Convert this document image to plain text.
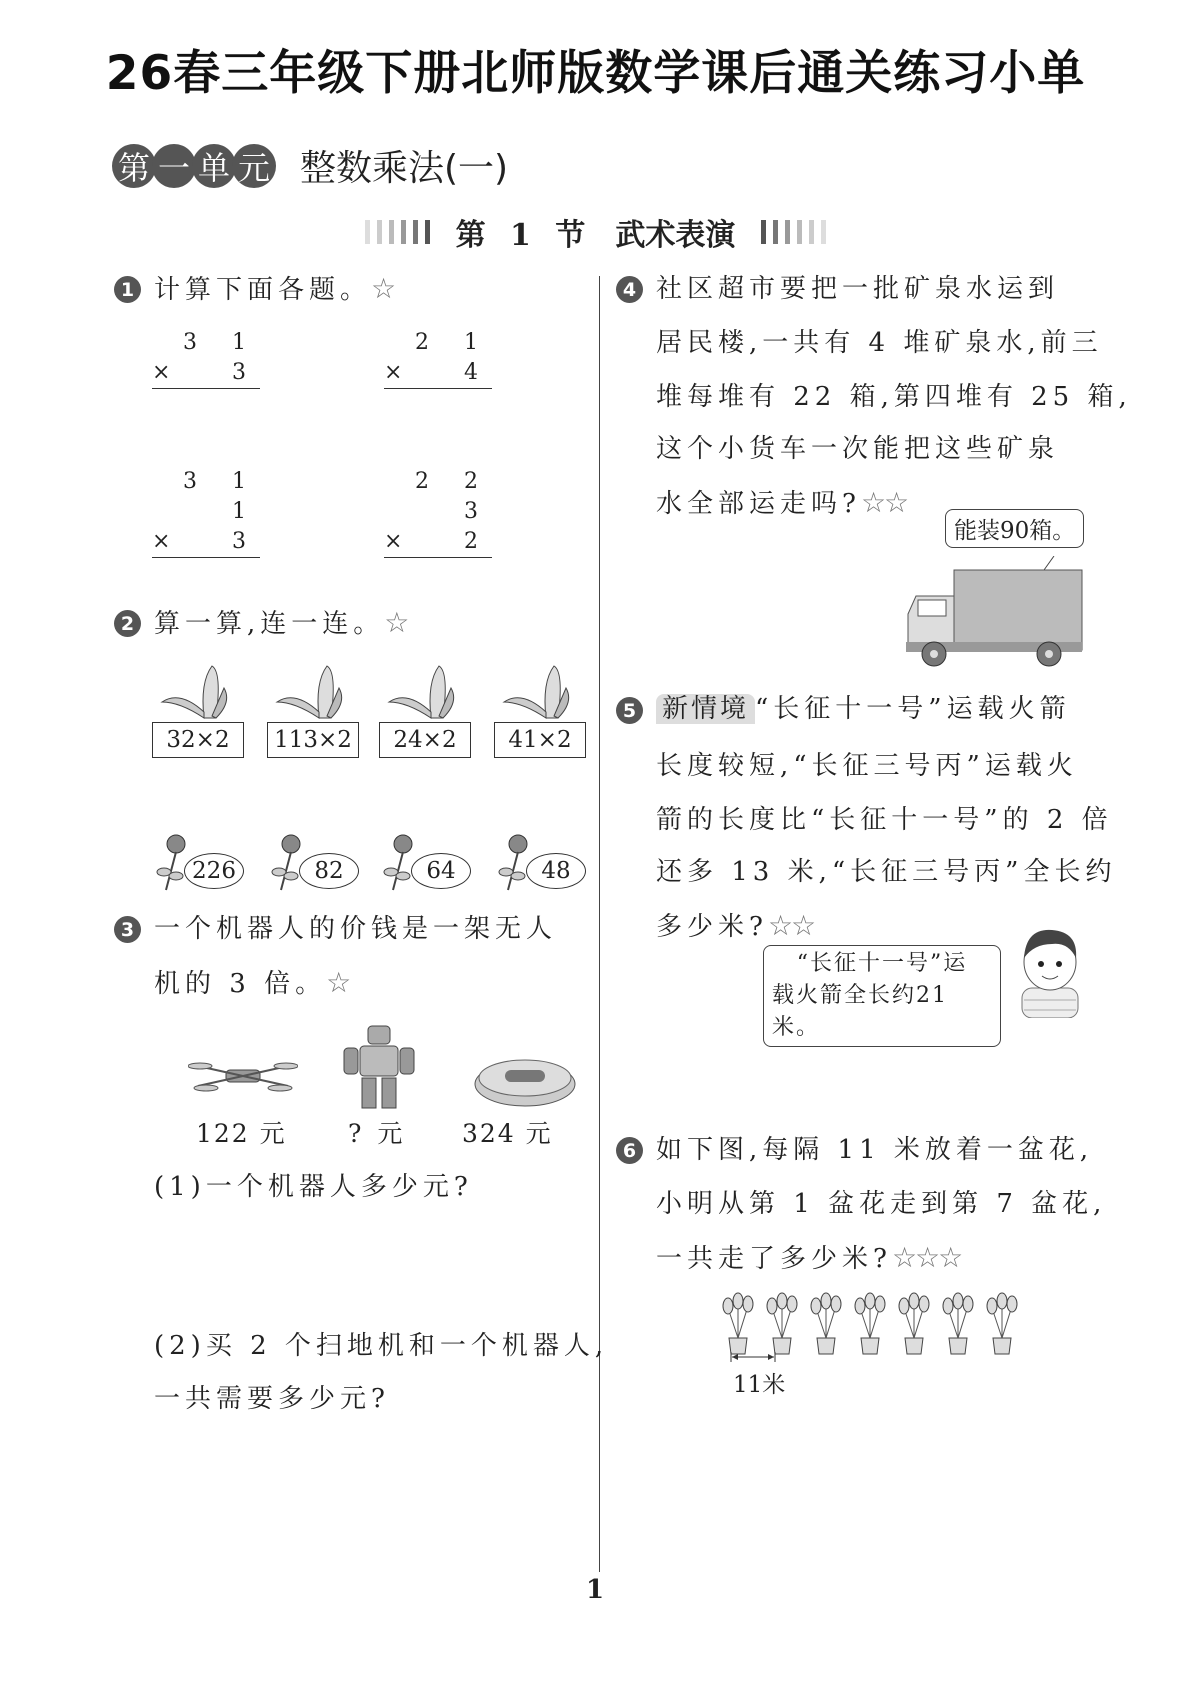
26春三年级下册北师版数学课后通关练习小单
第 一 单 元 整数乘法(一)
第 1 节　武术表演
1 计算下面各题。☆
3 1
× 3
2 1
× 4
3 1 1
× 3
2 2 3
× 2
2 算一算,连一连。☆
32×2
226
113×2
82
24×2
64
41×2
48
3 一个机器人的价钱是一架无人
机的 3 倍。☆
122 元 ? 元 324 元
(1)一个机器人多少元?
(2)买 2 个扫地机和一个机器人,
一共需要多少元?
4 社区超市要把一批矿泉水运到
居民楼,一共有 4 堆矿泉水,前三
堆每堆有 22 箱,第四堆有 25 箱,
这个小货车一次能把这些矿泉
水全部运走吗?☆☆
能装90箱。
5 新情境 “长征十一号”运载火箭
长度较短,“长征三号丙”运载火
箭的长度比“长征十一号”的 2 倍
还多 13 米,“长征三号丙”全长约
多少米?☆☆
“长征十一号”运
载火箭全长约21米。
6 如下图,每隔 11 米放着一盆花,
小明从第 1 盆花走到第 7 盆花,
一共走了多少米?☆☆☆
11米
1
